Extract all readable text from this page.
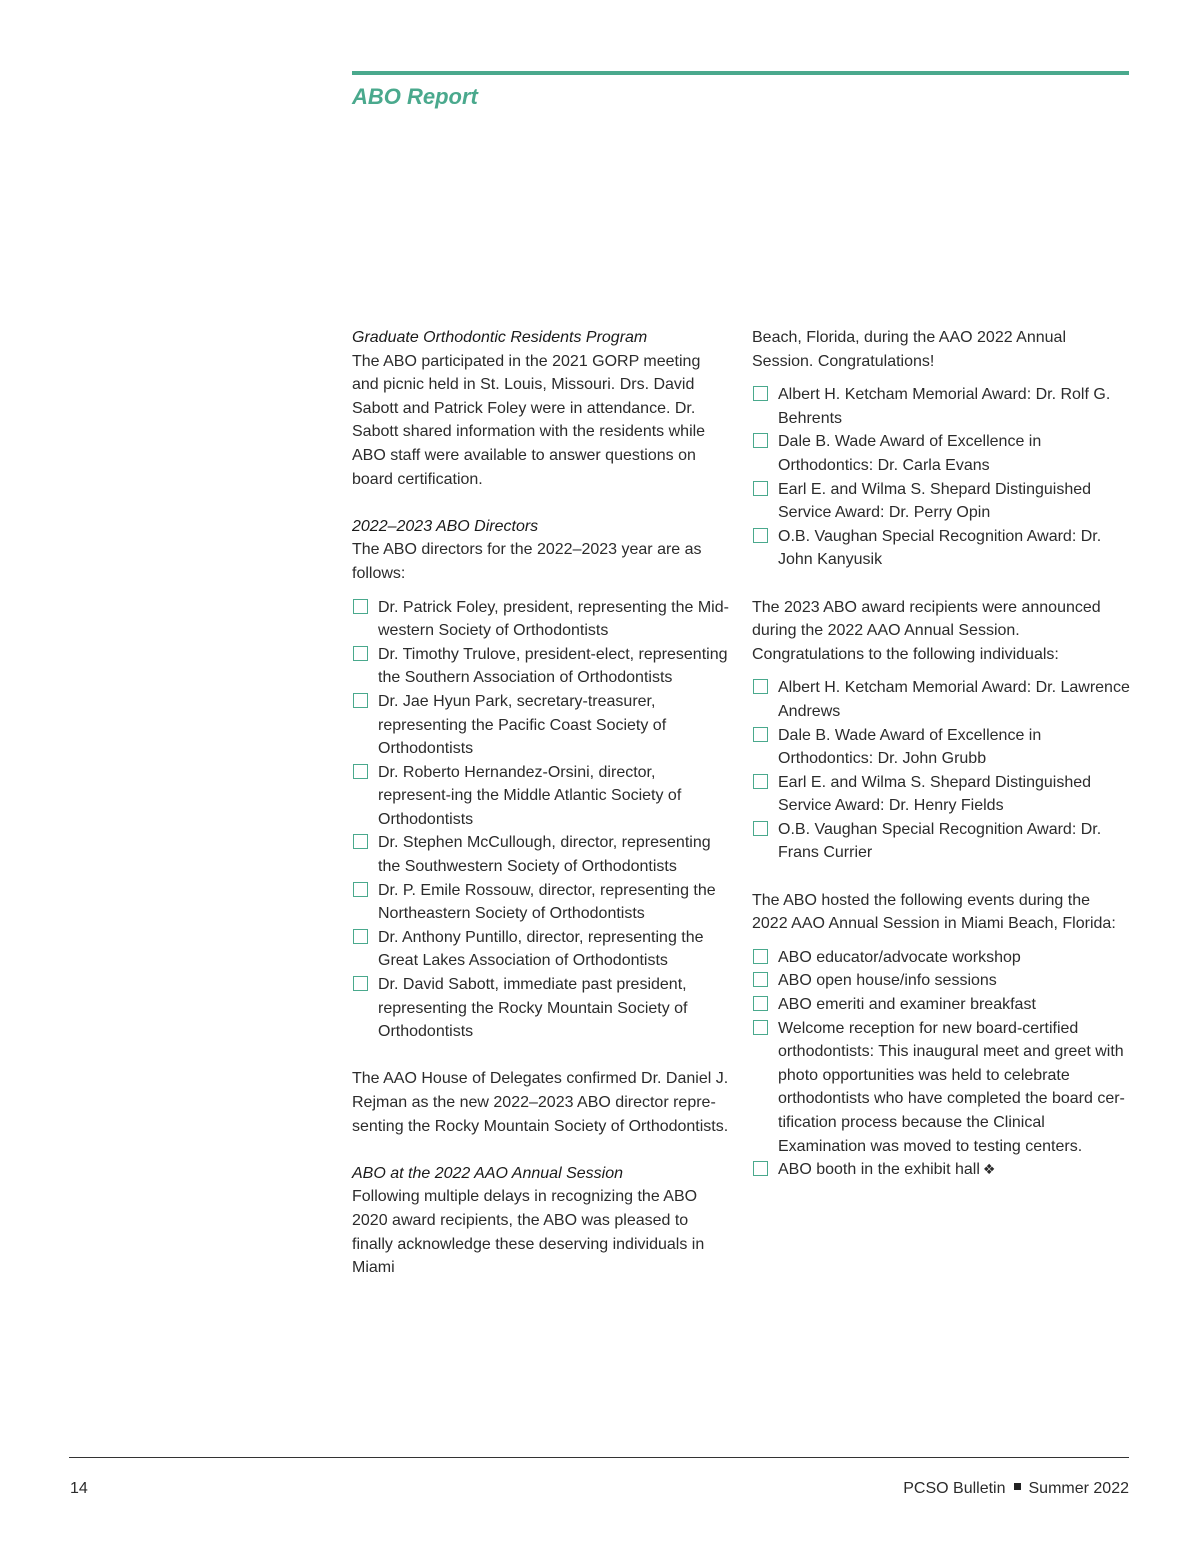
ABO Report

Graduate Orthodontic Residents Program

The ABO participated in the 2021 GORP meeting and picnic held in St. Louis, Missouri. Drs. David Sabott and Patrick Foley were in attendance. Dr. Sabott shared information with the residents while ABO staff were available to answer questions on board certification.

2022–2023 ABO Directors

The ABO directors for the 2022–2023 year are as follows:

Dr. Patrick Foley, president, representing the Mid-western Society of Orthodontists
Dr. Timothy Trulove, president-elect, representing the Southern Association of Orthodontists
Dr. Jae Hyun Park, secretary-treasurer, representing the Pacific Coast Society of Orthodontists
Dr. Roberto Hernandez-Orsini, director, represent-ing the Middle Atlantic Society of Orthodontists
Dr. Stephen McCullough, director, representing the Southwestern Society of Orthodontists
Dr. P. Emile Rossouw, director, representing the Northeastern Society of Orthodontists
Dr. Anthony Puntillo, director, representing the Great Lakes Association of Orthodontists
Dr. David Sabott, immediate past president, representing the Rocky Mountain Society of Orthodontists

The AAO House of Delegates confirmed Dr. Daniel J. Rejman as the new 2022–2023 ABO director repre-senting the Rocky Mountain Society of Orthodontists.

ABO at the 2022 AAO Annual Session

Following multiple delays in recognizing the ABO 2020 award recipients, the ABO was pleased to finally acknowledge these deserving individuals in Miami

Beach, Florida, during the AAO 2022 Annual Session. Congratulations!

Albert H. Ketcham Memorial Award: Dr. Rolf G. Behrents
Dale B. Wade Award of Excellence in Orthodontics: Dr. Carla Evans
Earl E. and Wilma S. Shepard Distinguished Service Award: Dr. Perry Opin
O.B. Vaughan Special Recognition Award: Dr. John Kanyusik

The 2023 ABO award recipients were announced during the 2022 AAO Annual Session. Congratulations to the following individuals:

Albert H. Ketcham Memorial Award: Dr. Lawrence Andrews
Dale B. Wade Award of Excellence in Orthodontics: Dr. John Grubb
Earl E. and Wilma S. Shepard Distinguished Service Award: Dr. Henry Fields
O.B. Vaughan Special Recognition Award: Dr. Frans Currier

The ABO hosted the following events during the 2022 AAO Annual Session in Miami Beach, Florida:

ABO educator/advocate workshop
ABO open house/info sessions
ABO emeriti and examiner breakfast
Welcome reception for new board-certified orthodontists: This inaugural meet and greet with photo opportunities was held to celebrate orthodontists who have completed the board cer-tification process because the Clinical Examination was moved to testing centers.
ABO booth in the exhibit hall ❖
14	PCSO Bulletin Summer 2022
